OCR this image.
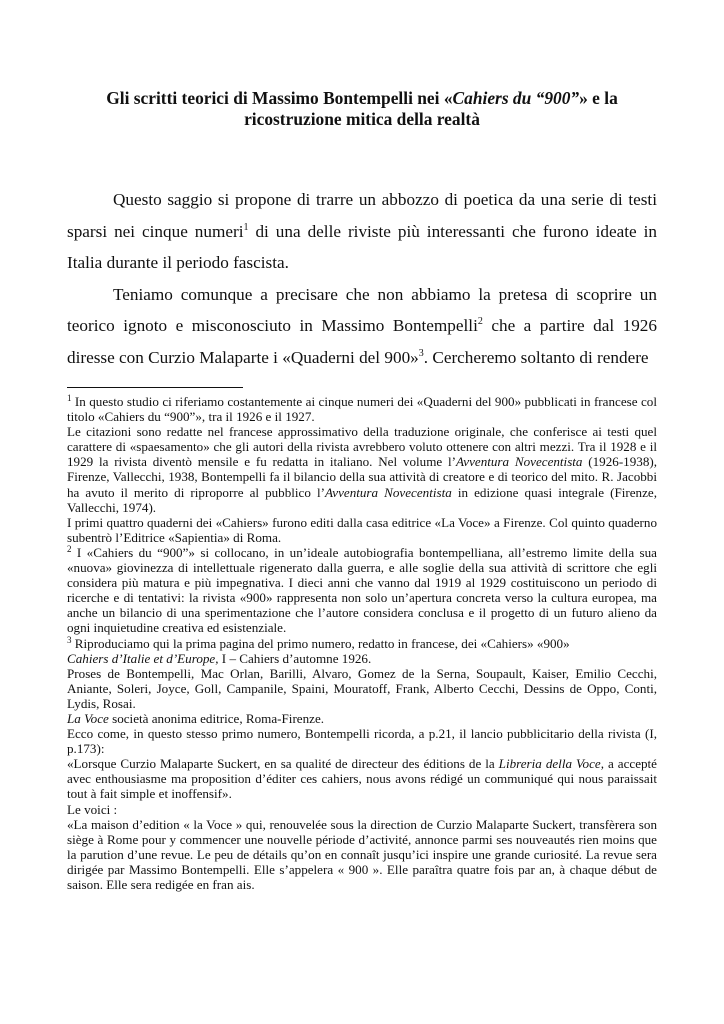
Gli scritti teorici di Massimo Bontempelli nei «Cahiers du “900”» e la
ricostruzione mitica della realtà

Questo saggio si propone di trarre un abbozzo di poetica da una serie di testi sparsi nei cinque numeri$^1$ di una delle riviste più interessanti che furono ideate in Italia durante il periodo fascista.

Teniamo comunque a precisare che non abbiamo la pretesa di scoprire un teorico ignoto e misconosciuto in Massimo Bontempelli$^2$ che a partire dal 1926 diresse con Curzio Malaparte i «Quaderni del 900»$^3$. Cercheremo soltanto di rendere

$^1$ In questo studio ci riferiamo costantemente ai cinque numeri dei «Quaderni del 900» pubblicati in francese col titolo «Cahiers du “900”», tra il 1926 e il 1927.

Le citazioni sono redatte nel francese approssimativo della traduzione originale, che conferisce ai testi quel carattere di «spaesamento» che gli autori della rivista avrebbero voluto ottenere con altri mezzi. Tra il 1928 e il 1929 la rivista diventò mensile e fu redatta in italiano. Nel volume l’Avventura Novecentista (1926-1938), Firenze, Vallecchi, 1938, Bontempelli fa il bilancio della sua attività di creatore e di teorico del mito. R. Jacobbi ha avuto il merito di riproporre al pubblico l’Avventura Novecentista in edizione quasi integrale (Firenze, Vallecchi, 1974).

I primi quattro quaderni dei «Cahiers» furono editi dalla casa editrice «La Voce» a Firenze. Col quinto quaderno subentrò l’Editrice «Sapientia» di Roma.

$^2$ I «Cahiers du “900”» si collocano, in un’ideale autobiografia bontempelliana, all’estremo limite della sua «nuova» giovinezza di intellettuale rigenerato dalla guerra, e alle soglie della sua attività di scrittore che egli considera più matura e più impegnativa. I dieci anni che vanno dal 1919 al 1929 costituiscono un periodo di ricerche e di tentativi: la rivista «900» rappresenta non solo un’apertura concreta verso la cultura europea, ma anche un bilancio di una sperimentazione che l’autore considera conclusa e il progetto di un futuro alieno da ogni inquietudine creativa ed esistenziale.

$^3$ Riproduciamo qui la prima pagina del primo numero, redatto in francese, dei «Cahiers» «900»
Cahiers d’Italie et d’Europe, I – Cahiers d’automne 1926.

Proses de Bontempelli, Mac Orlan, Barilli, Alvaro, Gomez de la Serna, Soupault, Kaiser, Emilio Cecchi, Aniante, Soleri, Joyce, Goll, Campanile, Spaini, Mouratoff, Frank, Alberto Cecchi, Dessins de Oppo, Conti, Lydis, Rosai.

La Voce società anonima editrice, Roma-Firenze.

Ecco come, in questo stesso primo numero, Bontempelli ricorda, a p.21, il lancio pubblicitario della rivista (I, p.173):

«Lorsque Curzio Malaparte Suckert, en sa qualité de directeur des éditions de la Libreria della Voce, a accepté avec enthousiasme ma proposition d’éditer ces cahiers, nous avons rédigé un communiqué qui nous paraissait tout à fait simple et inoffensif».

Le voici :

«La maison d’edition « la Voce » qui, renouvelée sous la direction de Curzio Malaparte Suckert, transfèrera son siège à Rome pour y commencer une nouvelle période d’activité, annonce parmi ses nouveautés rien moins que la parution d’une revue. Le peu de détails qu’on en connaît jusqu’ici inspire une grande curiosité. La revue sera dirigée par Massimo Bontempelli. Elle s’appelera « 900 ». Elle paraîtra quatre fois par an, à chaque début de saison. Elle sera redigée en fran ais.
